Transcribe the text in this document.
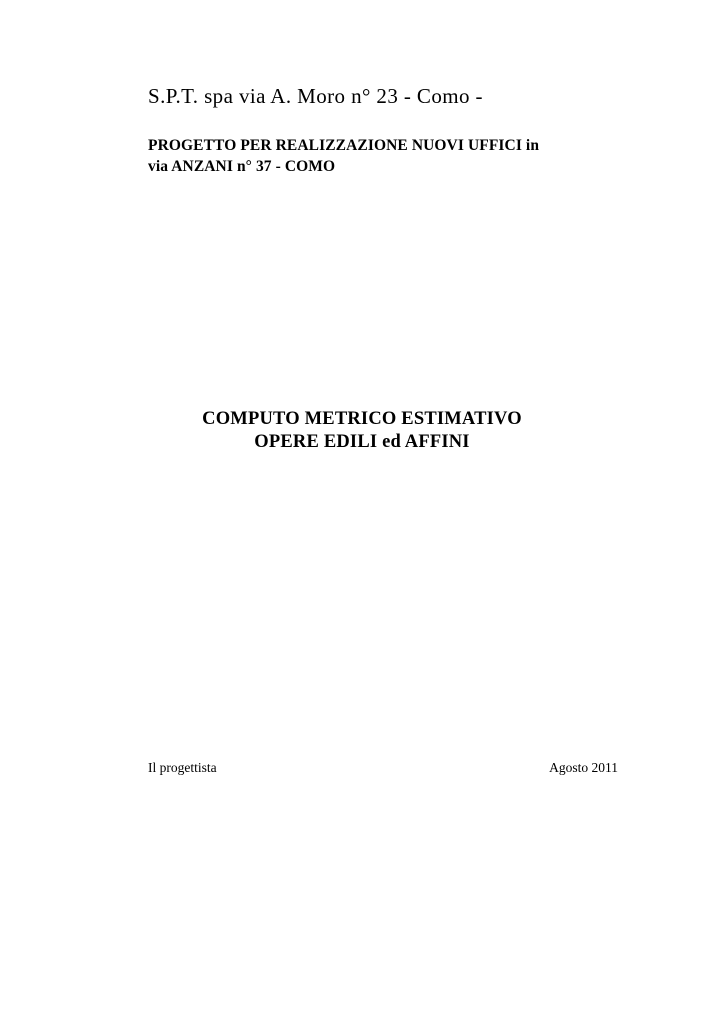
S.P.T. spa via A. Moro n° 23 - Como -
PROGETTO PER REALIZZAZIONE NUOVI UFFICI in
via ANZANI n° 37 - COMO
COMPUTO METRICO ESTIMATIVO
OPERE EDILI ed AFFINI
Il progettista	Agosto 2011
